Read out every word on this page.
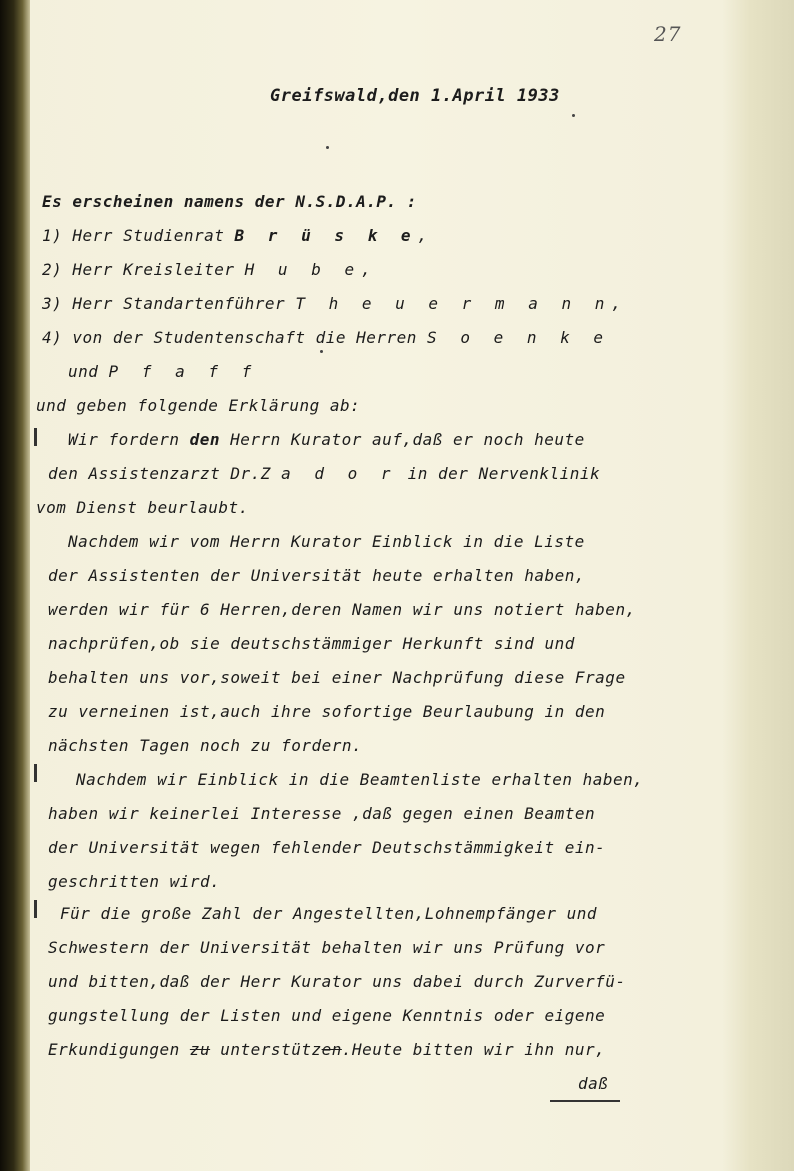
27
Greifswald,den 1.April 1933
Es erscheinen namens der N.S.D.A.P. :
1) Herr Studienrat B r ü s k e,
2) Herr Kreisleiter H u b e,
3) Herr Standartenführer T h e u e r m a n n,
4) von der Studentenschaft die Herren S o e n k e
und P f a f f
und geben folgende Erklärung ab:
Wir fordern den Herrn Kurator auf,daß er noch heute
den Assistenzarzt Dr.Z a d o r in der Nervenklinik
vom Dienst beurlaubt.
Nachdem wir vom Herrn Kurator Einblick in die Liste
der Assistenten der Universität heute erhalten haben,
werden wir für 6 Herren,deren Namen wir uns notiert haben,
nachprüfen,ob sie deutschstämmiger Herkunft sind und
behalten uns vor,soweit bei einer Nachprüfung diese Frage
zu verneinen ist,auch ihre sofortige Beurlaubung in den
nächsten Tagen noch zu fordern.
Nachdem wir Einblick in die Beamtenliste erhalten haben,
haben wir keinerlei Interesse ,daß gegen einen Beamten
der Universität wegen fehlender Deutschstämmigkeit ein-
geschritten wird.
Für die große Zahl der Angestellten,Lohnempfänger und
Schwestern der Universität behalten wir uns Prüfung vor
und bitten,daß der Herr Kurator uns dabei durch Zurverfü-
gungstellung der Listen und eigene Kenntnis oder eigene
Erkundigungen zu unterstützen.Heute bitten wir ihn nur,
daß
